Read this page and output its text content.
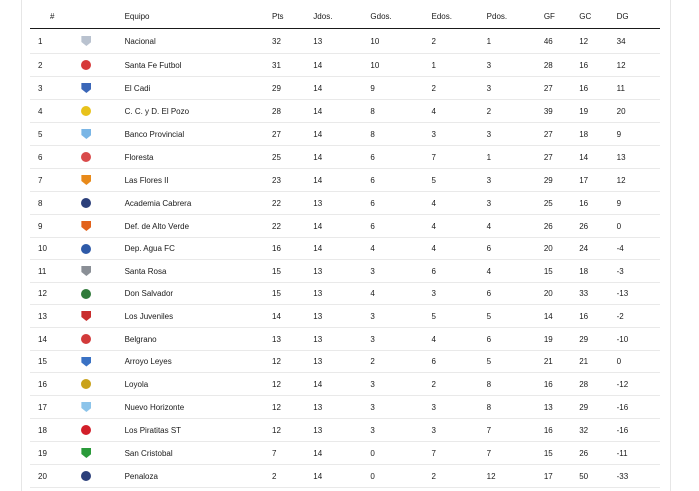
#		Equipo	Pts	Jdos.	Gdos.	Edos.	Pdos.	GF	GC	DG
1		Nacional	32	13	10	2	1	46	12	34
2		Santa Fe Futbol	31	14	10	1	3	28	16	12
3		El Cadi	29	14	9	2	3	27	16	11
4		C. C. y D. El Pozo	28	14	8	4	2	39	19	20
5		Banco Provincial	27	14	8	3	3	27	18	9
6		Floresta	25	14	6	7	1	27	14	13
7		Las Flores II	23	14	6	5	3	29	17	12
8		Academia Cabrera	22	13	6	4	3	25	16	9
9		Def. de Alto Verde	22	14	6	4	4	26	26	0
10		Dep. Agua FC	16	14	4	4	6	20	24	-4
11		Santa Rosa	15	13	3	6	4	15	18	-3
12		Don Salvador	15	13	4	3	6	20	33	-13
13		Los Juveniles	14	13	3	5	5	14	16	-2
14		Belgrano	13	13	3	4	6	19	29	-10
15		Arroyo Leyes	12	13	2	6	5	21	21	0
16		Loyola	12	14	3	2	8	16	28	-12
17		Nuevo Horizonte	12	13	3	3	8	13	29	-16
18		Los Piratitas ST	12	13	3	3	7	16	32	-16
19		San Cristobal	7	14	0	7	7	15	26	-11
20		Penaloza	2	14	0	2	12	17	50	-33
